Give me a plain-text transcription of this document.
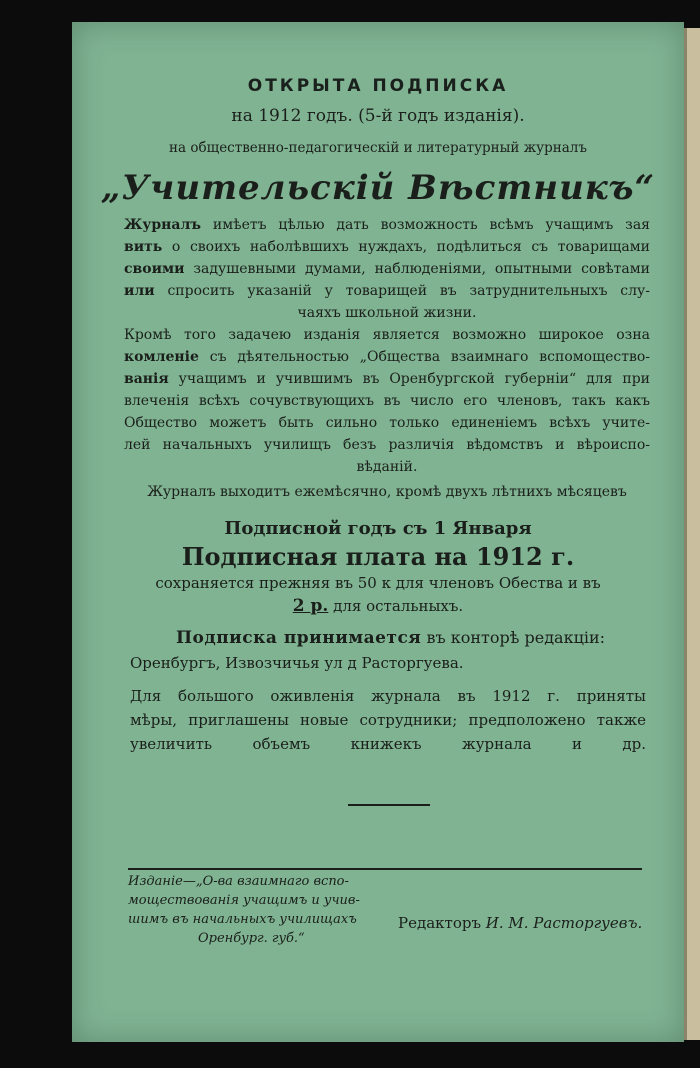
ОТКРЫТА ПОДПИСКА
на 1912 годъ. (5-й годъ изданія).
на общественно-педагогическій и литературный журналъ
„Учительскій Вѣстникъ“
Журналъ имѣетъ цѣлью дать возможность всѣмъ учащимъ зая
вить о своихъ наболѣвшихъ нуждахъ, подѣлиться съ товарищами
своими задушевными думами, наблюденіями, опытными совѣтами
или спросить указаній у товарищей въ затруднительныхъ слу-
чаяхъ школьной жизни.
Кромѣ того задачею изданія является возможно широкое озна
комленіе съ дѣятельностью „Общества взаимнаго вспомоществo-
ванія учащимъ и учившимъ въ Оренбургской губерніи“ для при
влеченія всѣхъ сочувствующихъ въ число его членовъ, такъ какъ
Общество можетъ быть сильно только единеніемъ всѣхъ учите-
лей начальныхъ училищъ безъ различія вѣдомствъ и вѣроиспо-
вѣданій.
Журналъ выходитъ ежемѣсячно, кромѣ двухъ лѣтнихъ мѣсяцевъ
Подписной годъ съ 1 Января
Подписная плата на 1912 г.
сохраняется прежняя въ 50 к для членовъ Обества и въ
2 р. для остальныхъ.
Подписка принимается въ конторѣ редакціи:
Оренбургъ, Извозчичья ул д Расторгуева.
Для большого оживленія журнала въ 1912 г. приняты
мѣры, приглашены новые сотрудники; предположено также
увеличить объемъ книжекъ журнала и др.
Изданіе—„О-ва взаимнаго вспо-
моществованія учащимъ и учив-
шимъ въ начальныхъ училищахъ
Оренбург. губ.“
Редакторъ И. М. Расторгуевъ.
